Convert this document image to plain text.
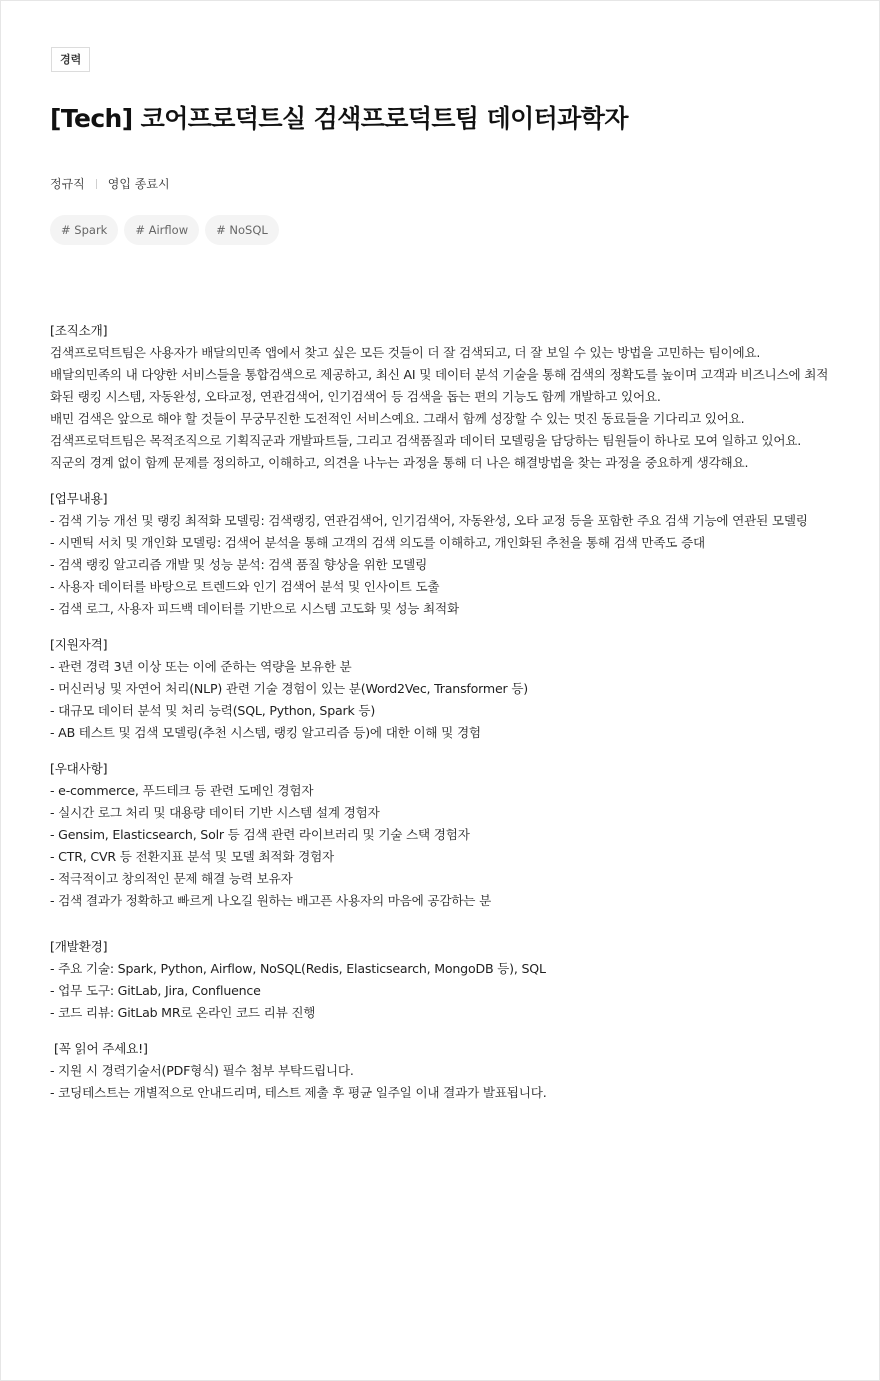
경력
[Tech] 코어프로덕트실 검색프로덕트팀 데이터과학자
정규직 영입 종료시
# Spark	# Airflow	# NoSQL
[조직소개]
검색프로덕트팀은 사용자가 배달의민족 앱에서 찾고 싶은 모든 것들이 더 잘 검색되고, 더 잘 보일 수 있는 방법을 고민하는 팀이에요.
배달의민족의 내 다양한 서비스들을 통합검색으로 제공하고, 최신 AI 및 데이터 분석 기술을 통해 검색의 정확도를 높이며 고객과 비즈니스에 최적화된 랭킹 시스템, 자동완성, 오타교정, 연관검색어, 인기검색어 등 검색을 돕는 편의 기능도 함께 개발하고 있어요.
배민 검색은 앞으로 해야 할 것들이 무궁무진한 도전적인 서비스예요. 그래서 함께 성장할 수 있는 멋진 동료들을 기다리고 있어요.
검색프로덕트팀은 목적조직으로 기획직군과 개발파트들, 그리고 검색품질과 데이터 모델링을 담당하는 팀원들이 하나로 모여 일하고 있어요.
직군의 경계 없이 함께 문제를 정의하고, 이해하고, 의견을 나누는 과정을 통해 더 나은 해결방법을 찾는 과정을 중요하게 생각해요.
[업무내용]
- 검색 기능 개선 및 랭킹 최적화 모델링: 검색랭킹, 연관검색어, 인기검색어, 자동완성, 오타 교정 등을 포함한 주요 검색 기능에 연관된 모델링
- 시멘틱 서치 및 개인화 모델링: 검색어 분석을 통해 고객의 검색 의도를 이해하고, 개인화된 추천을 통해 검색 만족도 증대
- 검색 랭킹 알고리즘 개발 및 성능 분석: 검색 품질 향상을 위한 모델링
- 사용자 데이터를 바탕으로 트렌드와 인기 검색어 분석 및 인사이트 도출
- 검색 로그, 사용자 피드백 데이터를 기반으로 시스템 고도화 및 성능 최적화
[지원자격]
- 관련 경력 3년 이상 또는 이에 준하는 역량을 보유한 분
- 머신러닝 및 자연어 처리(NLP) 관련 기술 경험이 있는 분(Word2Vec, Transformer 등)
- 대규모 데이터 분석 및 처리 능력(SQL, Python, Spark 등)
- AB 테스트 및 검색 모델링(추천 시스템, 랭킹 알고리즘 등)에 대한 이해 및 경험
[우대사항]
- e-commerce, 푸드테크 등 관련 도메인 경험자
- 실시간 로그 처리 및 대용량 데이터 기반 시스템 설계 경험자
- Gensim, Elasticsearch, Solr 등 검색 관련 라이브러리 및 기술 스택 경험자
- CTR, CVR 등 전환지표 분석 및 모델 최적화 경험자
- 적극적이고 창의적인 문제 해결 능력 보유자
- 검색 결과가 정확하고 빠르게 나오길 원하는 배고픈 사용자의 마음에 공감하는 분
[개발환경]
- 주요 기술: Spark, Python, Airflow, NoSQL(Redis, Elasticsearch, MongoDB 등), SQL
- 업무 도구: GitLab, Jira, Confluence
- 코드 리뷰: GitLab MR로 온라인 코드 리뷰 진행
[꼭 읽어 주세요!]
- 지원 시 경력기술서(PDF형식) 필수 첨부 부탁드립니다.
- 코딩테스트는 개별적으로 안내드리며, 테스트 제출 후 평균 일주일 이내 결과가 발표됩니다.
